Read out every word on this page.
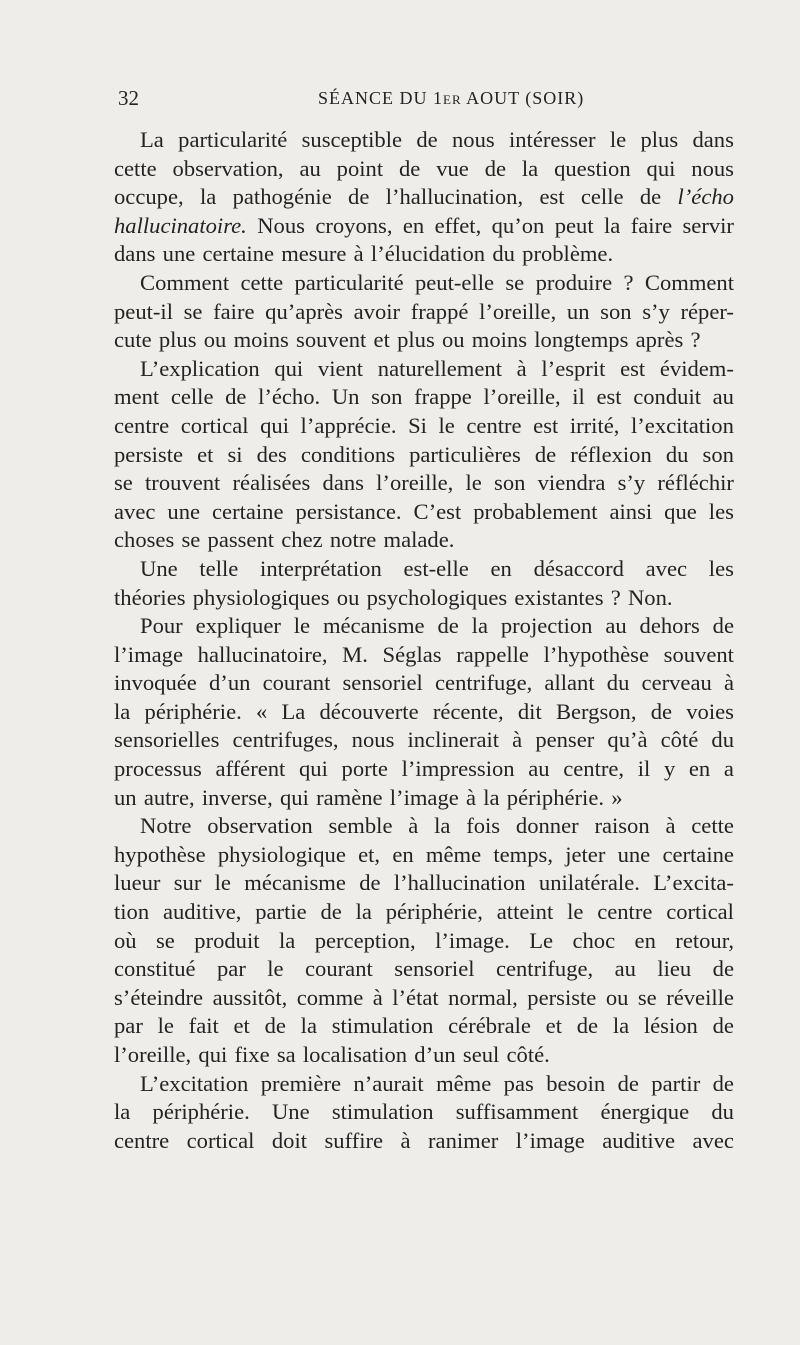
32	SÉANCE DU 1er AOUT (SOIR)
La particularité susceptible de nous intéresser le plus dans
cette observation, au point de vue de la question qui nous
occupe, la pathogénie de l’hallucination, est celle de l’écho
hallucinatoire. Nous croyons, en effet, qu’on peut la faire servir
dans une certaine mesure à l’élucidation du problème.
Comment cette particularité peut-elle se produire ? Comment
peut-il se faire qu’après avoir frappé l’oreille, un son s’y réper-
cute plus ou moins souvent et plus ou moins longtemps après ?
L’explication qui vient naturellement à l’esprit est évidem-
ment celle de l’écho. Un son frappe l’oreille, il est conduit au
centre cortical qui l’apprécie. Si le centre est irrité, l’excitation
persiste et si des conditions particulières de réflexion du son
se trouvent réalisées dans l’oreille, le son viendra s’y réfléchir
avec une certaine persistance. C’est probablement ainsi que les
choses se passent chez notre malade.
Une telle interprétation est-elle en désaccord avec les
théories physiologiques ou psychologiques existantes ? Non.
Pour expliquer le mécanisme de la projection au dehors de
l’image hallucinatoire, M. Séglas rappelle l’hypothèse souvent
invoquée d’un courant sensoriel centrifuge, allant du cerveau à
la périphérie. « La découverte récente, dit Bergson, de voies
sensorielles centrifuges, nous inclinerait à penser qu’à côté du
processus afférent qui porte l’impression au centre, il y en a
un autre, inverse, qui ramène l’image à la périphérie. »
Notre observation semble à la fois donner raison à cette
hypothèse physiologique et, en même temps, jeter une certaine
lueur sur le mécanisme de l’hallucination unilatérale. L’excita-
tion auditive, partie de la périphérie, atteint le centre cortical
où se produit la perception, l’image. Le choc en retour,
constitué par le courant sensoriel centrifuge, au lieu de
s’éteindre aussitôt, comme à l’état normal, persiste ou se réveille
par le fait et de la stimulation cérébrale et de la lésion de
l’oreille, qui fixe sa localisation d’un seul côté.
L’excitation première n’aurait même pas besoin de partir de
la périphérie. Une stimulation suffisamment énergique du
centre cortical doit suffire à ranimer l’image auditive avec
